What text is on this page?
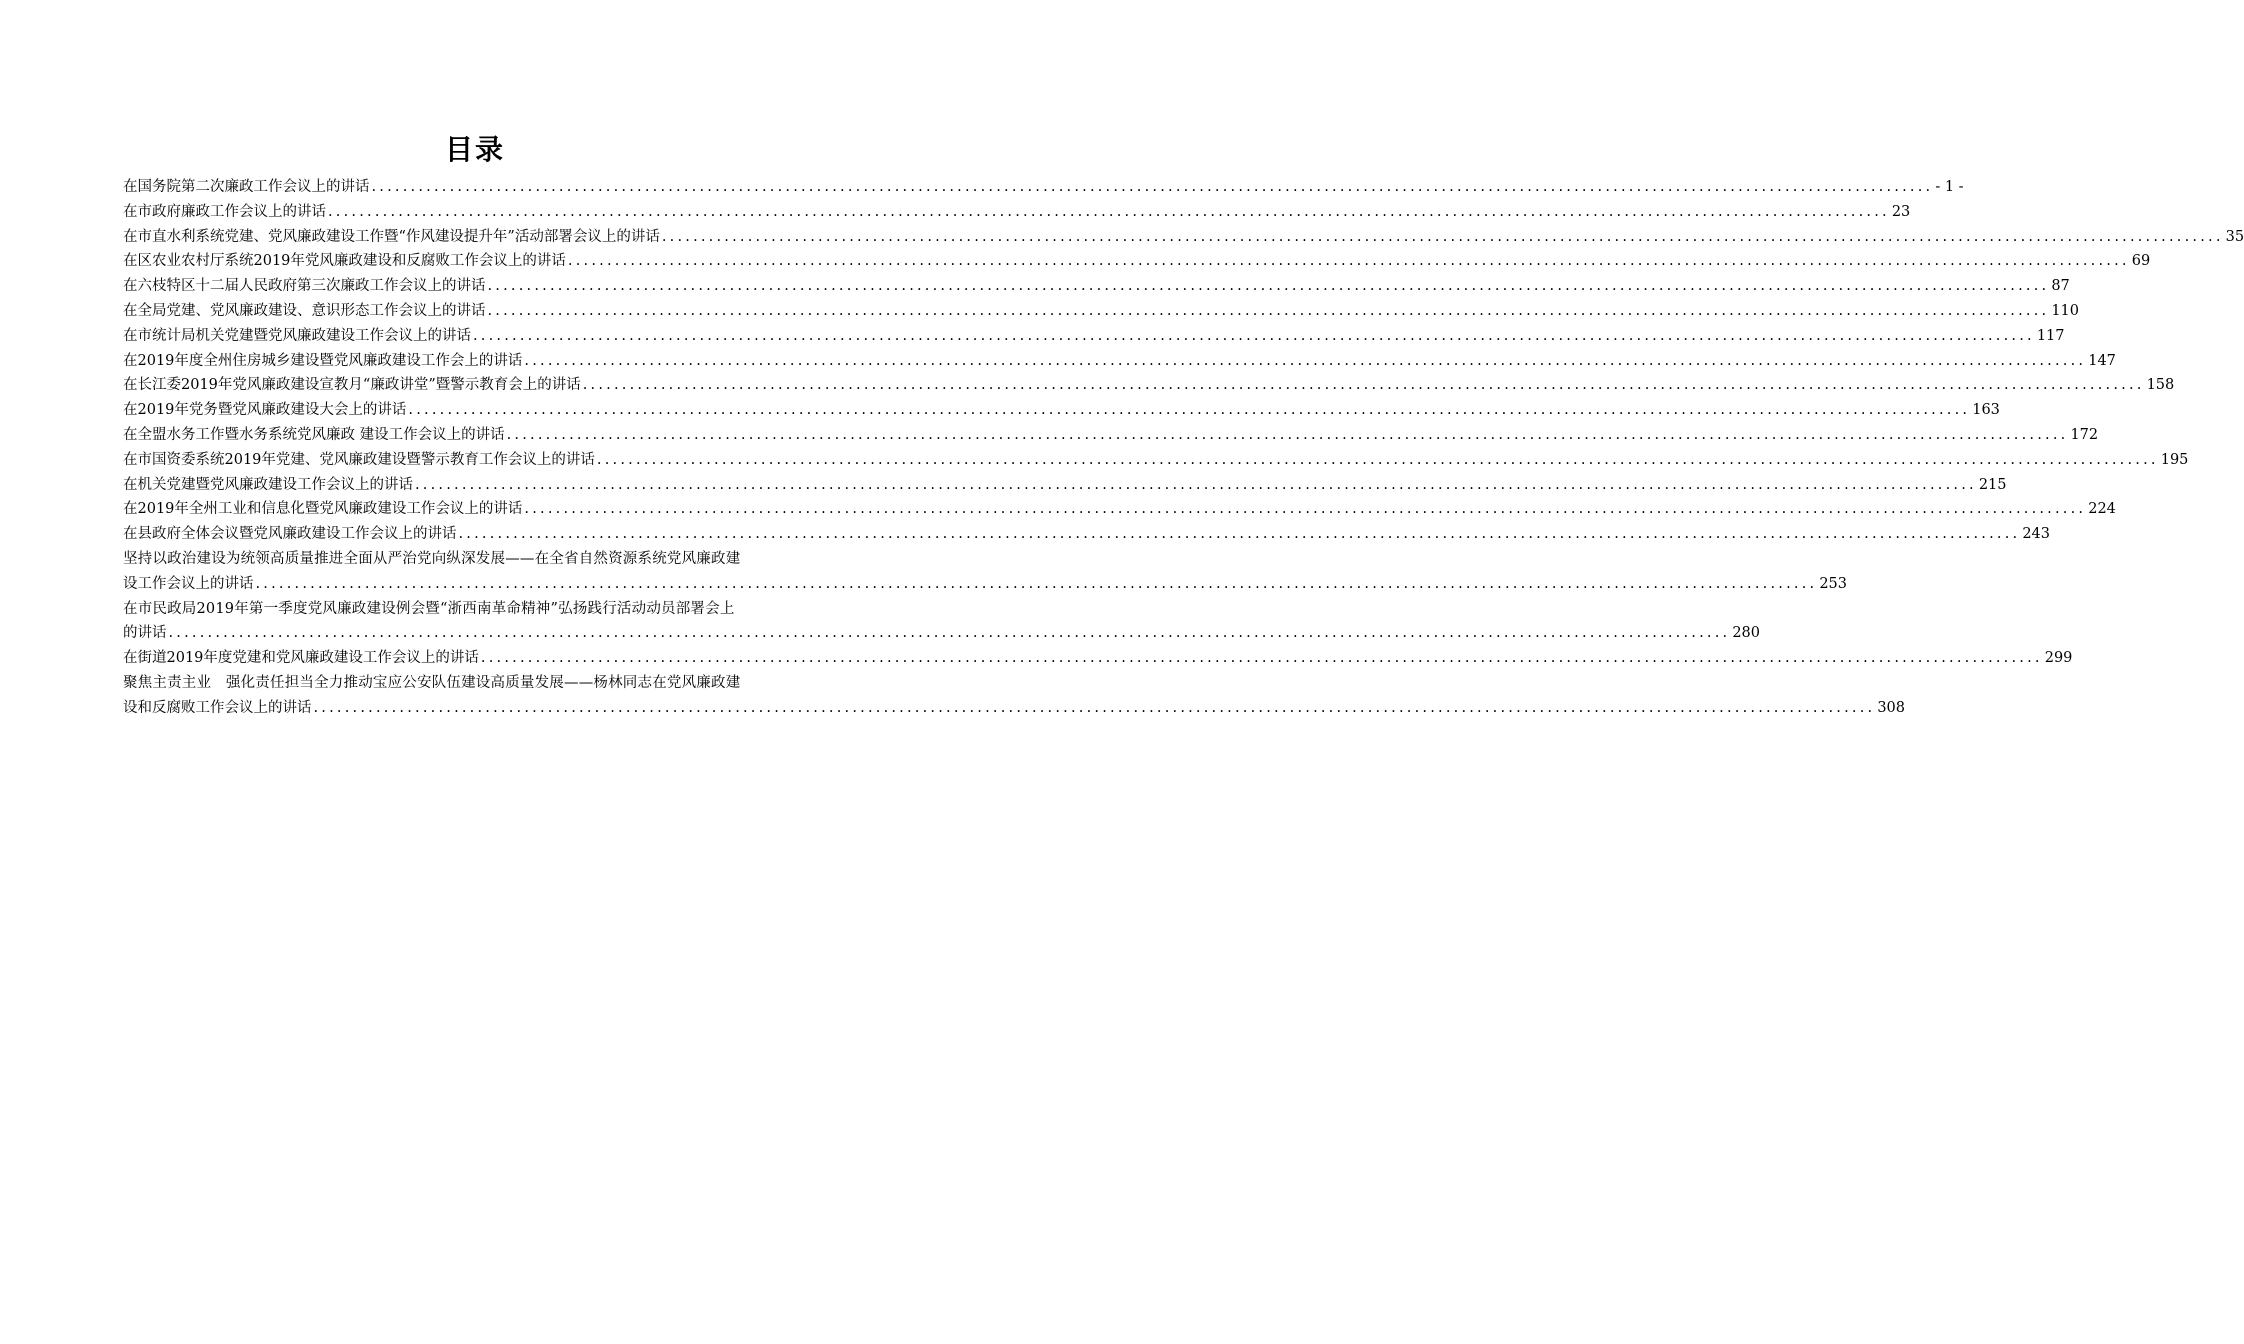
目录
在国务院第二次廉政工作会议上的讲话 ........................................................................................................................................................................................................ - 1 -
在市政府廉政工作会议上的讲话 ........................................................................................................................................................................................................ 23
在市直水利系统党建、党风廉政建设工作暨“作风建设提升年”活动部署会议上的讲话 ........................................................................................................................................................................................................ 35
在区农业农村厅系统2019年党风廉政建设和反腐败工作会议上的讲话 ........................................................................................................................................................................................................ 69
在六枝特区十二届人民政府第三次廉政工作会议上的讲话 ........................................................................................................................................................................................................ 87
在全局党建、党风廉政建设、意识形态工作会议上的讲话 ........................................................................................................................................................................................................ 110
在市统计局机关党建暨党风廉政建设工作会议上的讲话 ........................................................................................................................................................................................................ 117
在2019年度全州住房城乡建设暨党风廉政建设工作会上的讲话 ........................................................................................................................................................................................................ 147
在长江委2019年党风廉政建设宣教月“廉政讲堂”暨警示教育会上的讲话 ........................................................................................................................................................................................................ 158
在2019年党务暨党风廉政建设大会上的讲话 ........................................................................................................................................................................................................ 163
在全盟水务工作暨水务系统党风廉政 建设工作会议上的讲话 ........................................................................................................................................................................................................ 172
在市国资委系统2019年党建、党风廉政建设暨警示教育工作会议上的讲话 ........................................................................................................................................................................................................ 195
在机关党建暨党风廉政建设工作会议上的讲话 ........................................................................................................................................................................................................ 215
在2019年全州工业和信息化暨党风廉政建设工作会议上的讲话 ........................................................................................................................................................................................................ 224
在县政府全体会议暨党风廉政建设工作会议上的讲话 ........................................................................................................................................................................................................ 243
坚持以政治建设为统领高质量推进全面从严治党向纵深发展——在全省自然资源系统党风廉政建
设工作会议上的讲话 ........................................................................................................................................................................................................ 253
在市民政局2019年第一季度党风廉政建设例会暨“浙西南革命精神”弘扬践行活动动员部署会上
的讲话 ........................................................................................................................................................................................................ 280
在街道2019年度党建和党风廉政建设工作会议上的讲话 ........................................................................................................................................................................................................ 299
聚焦主责主业　强化责任担当全力推动宝应公安队伍建设高质量发展——杨林同志在党风廉政建
设和反腐败工作会议上的讲话 ........................................................................................................................................................................................................ 308
